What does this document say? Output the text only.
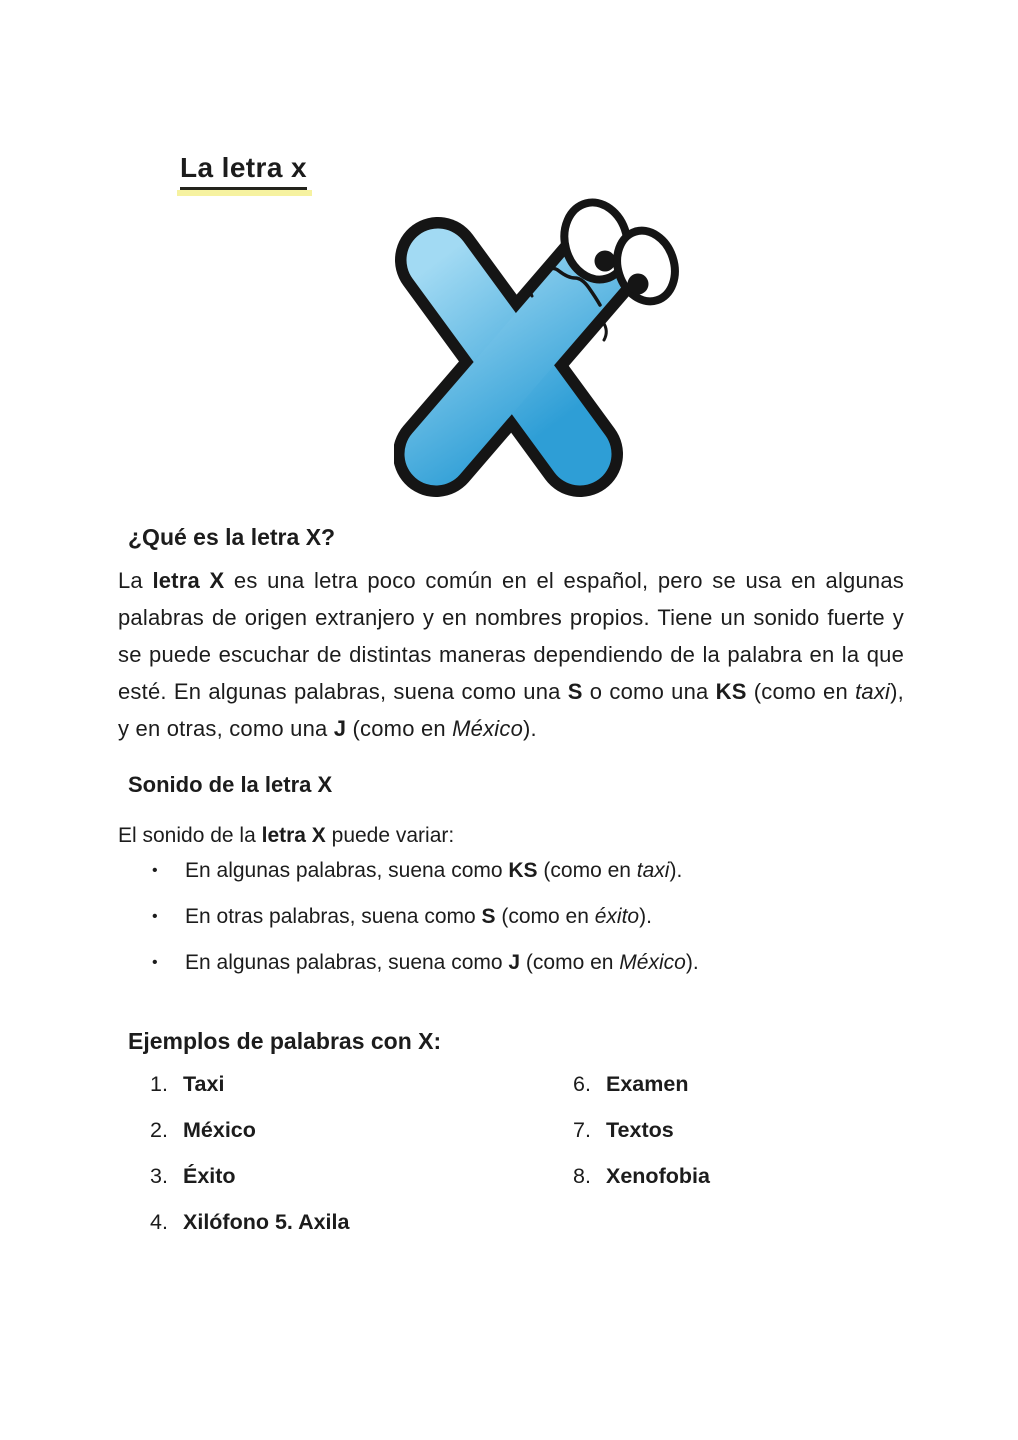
La letra x
¿Qué es la letra X?

La letra X es una letra poco común en el español, pero se usa en algunas palabras de origen extranjero y en nombres propios. Tiene un sonido fuerte y se puede escuchar de distintas maneras dependiendo de la palabra en la que esté. En algunas palabras, suena como una S o como una KS (como en taxi), y en otras, como una J (como en México).

Sonido de la letra X

El sonido de la letra X puede variar:

•	En algunas palabras, suena como KS (como en taxi).
•	En otras palabras, suena como S (como en éxito).
•	En algunas palabras, suena como J (como en México).
Ejemplos de palabras con X:
1. Taxi
2. México
3. Éxito
4. Xilófono 5. Axila
6. Examen
7. Textos
8. Xenofobia
